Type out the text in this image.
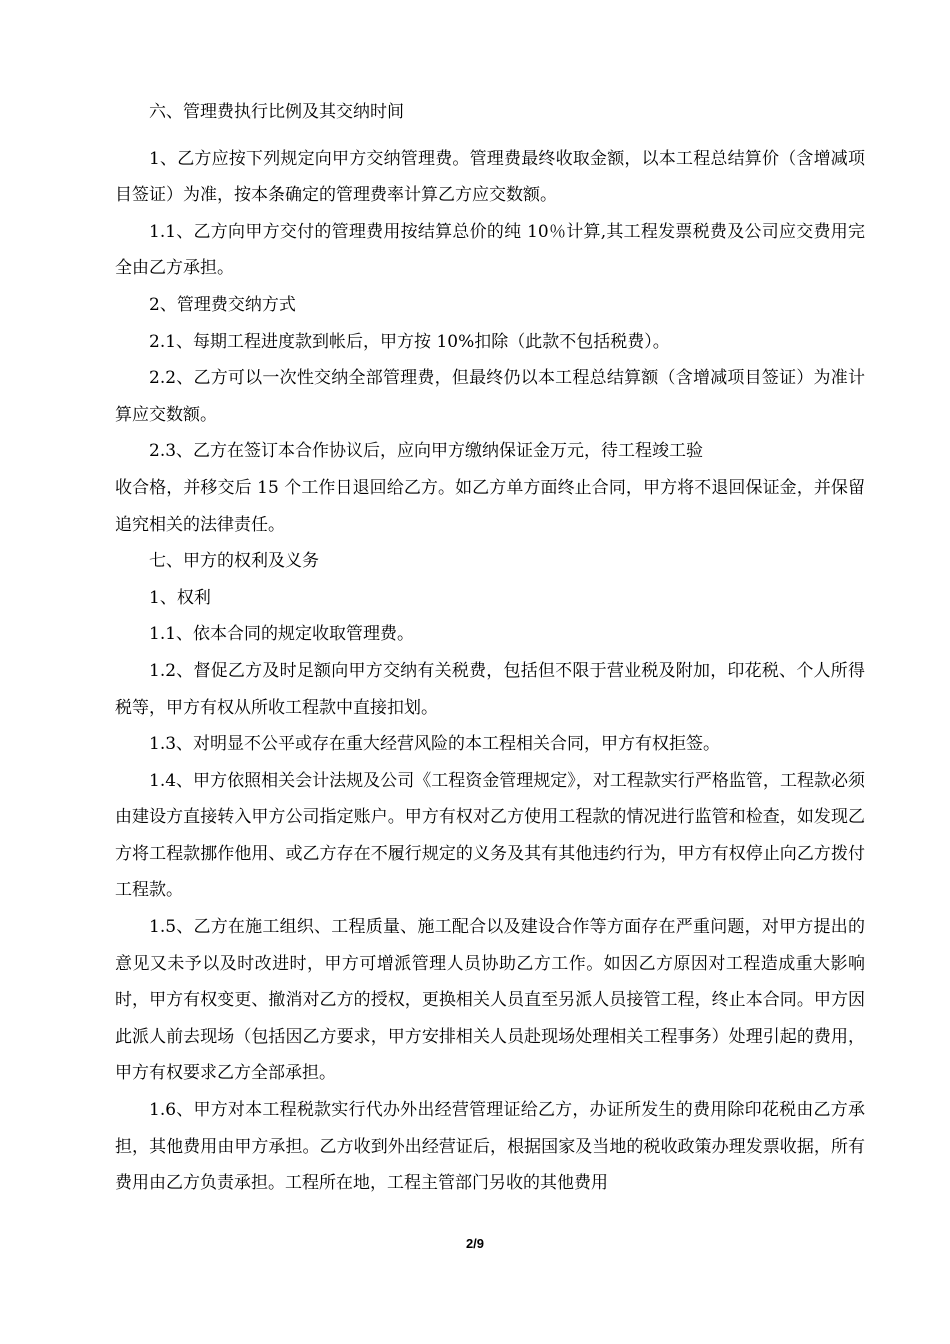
六、管理费执行比例及其交纳时间

1、乙方应按下列规定向甲方交纳管理费。管理费最终收取金额，以本工程总结算价（含增减项目签证）为准，按本条确定的管理费率计算乙方应交数额。

1.1、乙方向甲方交付的管理费用按结算总价的纯 10％计算,其工程发票税费及公司应交费用完全由乙方承担。

2、管理费交纳方式

2.1、每期工程进度款到帐后，甲方按 10%扣除（此款不包括税费）。

2.2、乙方可以一次性交纳全部管理费，但最终仍以本工程总结算额（含增减项目签证）为准计算应交数额。

2.3、乙方在签订本合作协议后，应向甲方缴纳保证金万元，待工程竣工验

收合格，并移交后 15 个工作日退回给乙方。如乙方单方面终止合同，甲方将不退回保证金，并保留追究相关的法律责任。

七、甲方的权利及义务

1、权利

1.1、依本合同的规定收取管理费。

1.2、督促乙方及时足额向甲方交纳有关税费，包括但不限于营业税及附加，印花税、个人所得税等，甲方有权从所收工程款中直接扣划。

1.3、对明显不公平或存在重大经营风险的本工程相关合同，甲方有权拒签。

1.4、甲方依照相关会计法规及公司《工程资金管理规定》，对工程款实行严格监管，工程款必须由建设方直接转入甲方公司指定账户。甲方有权对乙方使用工程款的情况进行监管和检查，如发现乙方将工程款挪作他用、或乙方存在不履行规定的义务及其有其他违约行为，甲方有权停止向乙方拨付工程款。

1.5、乙方在施工组织、工程质量、施工配合以及建设合作等方面存在严重问题，对甲方提出的意见又未予以及时改进时，甲方可增派管理人员协助乙方工作。如因乙方原因对工程造成重大影响时，甲方有权变更、撤消对乙方的授权，更换相关人员直至另派人员接管工程，终止本合同。甲方因此派人前去现场（包括因乙方要求，甲方安排相关人员赴现场处理相关工程事务）处理引起的费用，甲方有权要求乙方全部承担。

1.6、甲方对本工程税款实行代办外出经营管理证给乙方，办证所发生的费用除印花税由乙方承担，其他费用由甲方承担。乙方收到外出经营证后，根据国家及当地的税收政策办理发票收据，所有费用由乙方负责承担。工程所在地，工程主管部门另收的其他费用

2/9
